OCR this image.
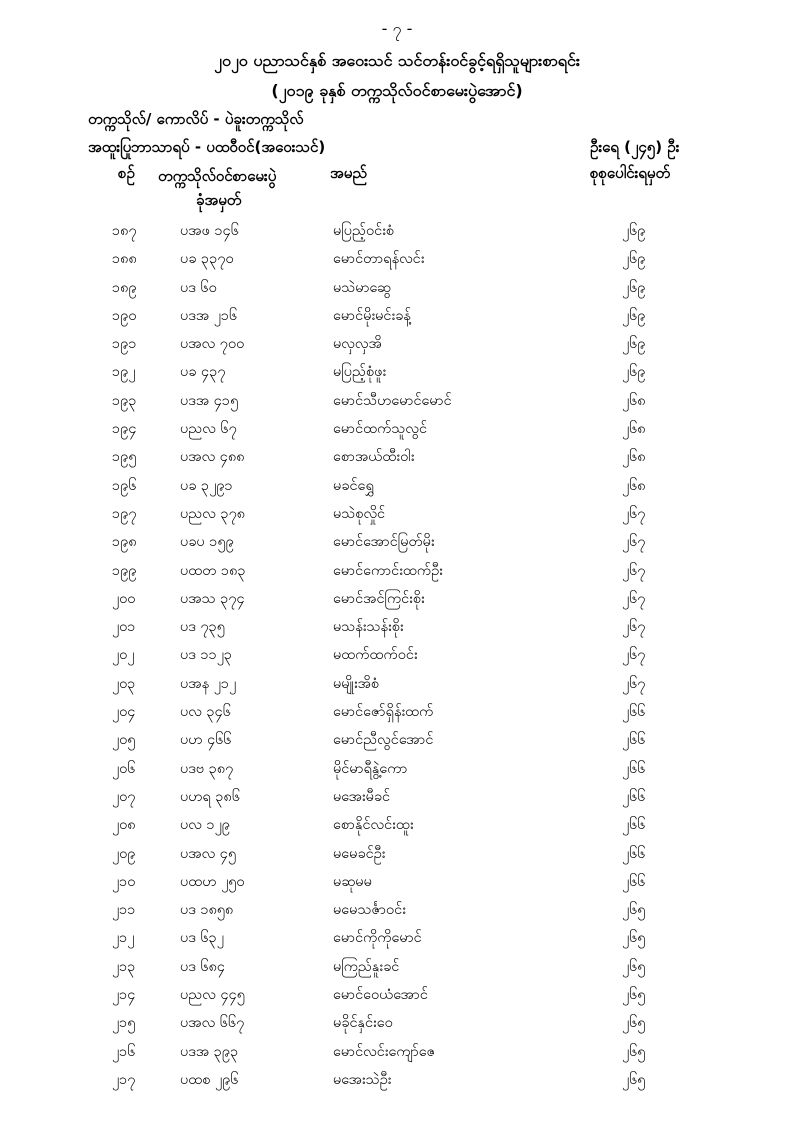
- ၇ -
၂၀၂၀ ပညာသင်နှစ် အဝေးသင် သင်တန်းဝင်ခွင့်ရရှိသူများစာရင်း
(၂၀၁၉ ခုနှစ် တက္ကသိုလ်ဝင်စာမေးပွဲအောင်)
တက္ကသိုလ်/ ကောလိပ် - ပဲခူးတက္ကသိုလ်
အထူးပြုဘာသာရပ် - ပထဝီဝင်(အဝေးသင်)	ဦးရေ (၂၄၅) ဦး
စဉ် တက္ကသိုလ်ဝင်စာမေးပွဲ
ခုံအမှတ်
အမည်	စုစုပေါင်းရမှတ်
၁၈၇	ပအဖ ၁၄၆	မပြည့်ဝင်းစံ	၂၆၉
၁၈၈	ပခ ၃၃၇၀	မောင်တာရန်လင်း	၂၆၉
၁၈၉	ပဒ ၆၀	မသဲမာဆွေ	၂၆၉
၁၉၀	ပဒအ ၂၁၆	မောင်မိုးမင်းခန့်	၂၆၉
၁၉၁	ပအလ ၇၀၀	မလှလှအိ	၂၆၉
၁၉၂	ပခ ၄၃၇	မပြည့်စုံဖူး	၂၆၉
၁၉၃	ပဒအ ၄၁၅	မောင်သီဟမောင်မောင်	၂၆၈
၁၉၄	ပညလ ၆၇	မောင်ထက်သူလွင်	၂၆၈
၁၉၅	ပအလ ၄၈၈	စောအယ်ထီးဝါး	၂၆၈
၁၉၆	ပခ ၃၂၉၁	မခင်ရွှေ	၂၆၈
၁၉၇	ပညလ ၃၇၈	မသဲစုလှိုင်	၂၆၇
၁၉၈	ပခပ ၁၅၉	မောင်အောင်မြတ်မိုး	၂၆၇
၁၉၉	ပထတ ၁၈၃	မောင်ကောင်းထက်ဦး	၂၆၇
၂၀၀	ပအသ ၃၇၄	မောင်အင်ကြင်းစိုး	၂၆၇
၂၀၁	ပဒ ၇၃၅	မသန်းသန်းစိုး	၂၆၇
၂၀၂	ပဒ ၁၁၂၃	မထက်ထက်ဝင်း	၂၆၇
၂၀၃	ပအန ၂၁၂	မမျိုးအိစံ	၂၆၇
၂၀၄	ပလ ၃၄၆	မောင်ဇော်ရှိန်းထက်	၂၆၆
၂၀၅	ပဟ ၄၆၆	မောင်ညီလွင်အောင်	၂၆၆
၂၀၆	ပဒဗ ၃၈၇	မိုင်မာရီနွဲ့ကော	၂၆၆
၂၀၇	ပဟရ ၃၈၆	မအေးမီခင်	၂၆၆
၂၀၈	ပလ ၁၂၉	စောနိုင်လင်းထူး	၂၆၆
၂၀၉	ပအလ ၄၅	မမေခင်ဦး	၂၆၆
၂၁၀	ပထဟ ၂၅၀	မဆုမမ	၂၆၆
၂၁၁	ပဒ ၁၈၅၈	မမေသင်္ဇာဝင်း	၂၆၅
၂၁၂	ပဒ ၆၃၂	မောင်ကိုကိုမောင်	၂၆၅
၂၁၃	ပဒ ၆၈၄	မကြည်နူးခင်	၂၆၅
၂၁၄	ပညလ ၄၄၅	မောင်ဝေယံအောင်	၂၆၅
၂၁၅	ပအလ ၆၆၇	မခိုင်နှင်းဝေ	၂၆၅
၂၁၆	ပဒအ ၃၉၃	မောင်လင်းကျော်ဇေ	၂၆၅
၂၁၇	ပထစ ၂၉၆	မအေးသဲဦး	၂၆၅
